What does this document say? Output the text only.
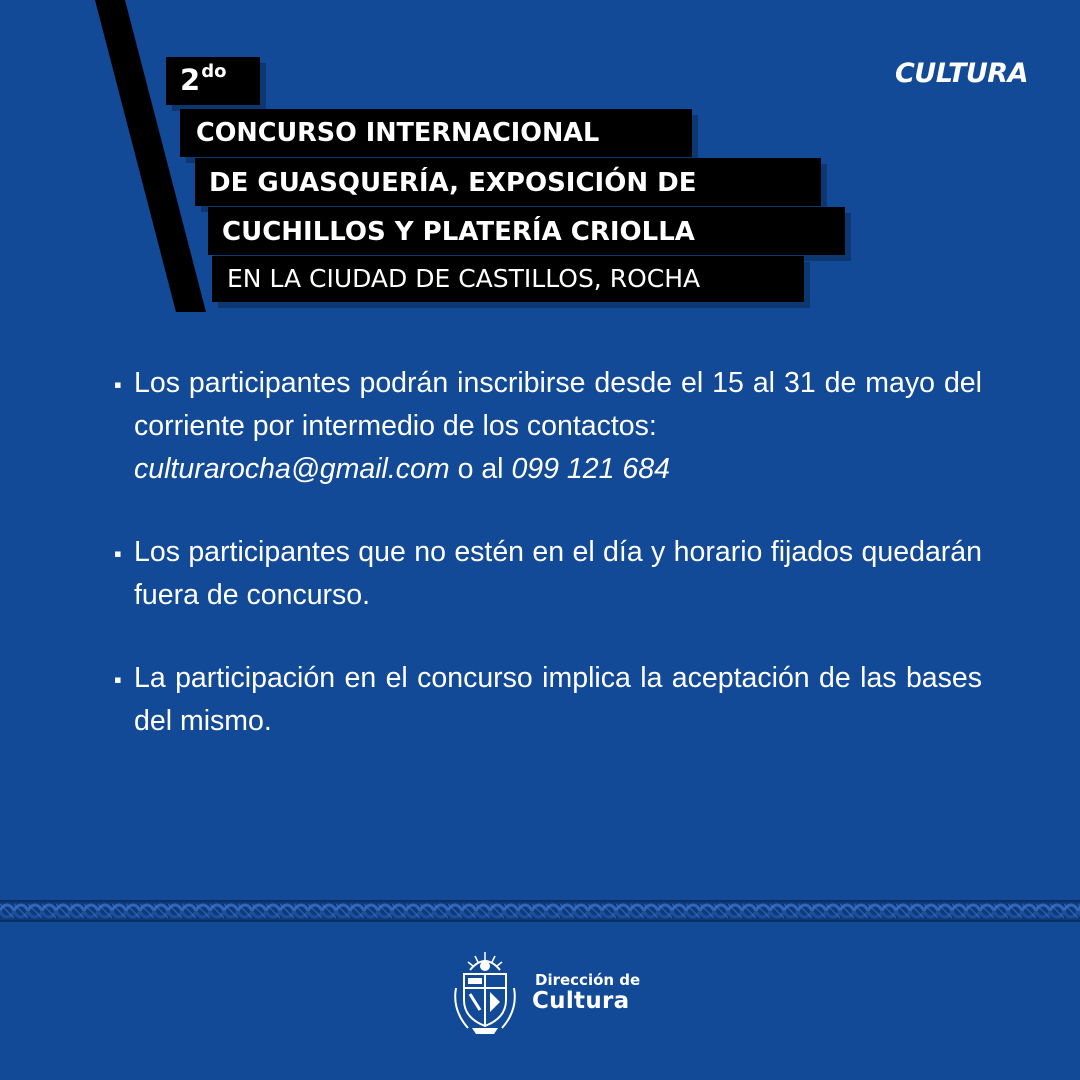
CULTURA
$2^{do}$
CONCURSO INTERNACIONAL
DE GUASQUERÍA, EXPOSICIÓN DE
CUCHILLOS Y PLATERÍA CRIOLLA
EN LA CIUDAD DE CASTILLOS, ROCHA
▪ Los participantes podrán inscribirse desde el 15 al 31 de mayo del corriente por intermedio de los contactos:
culturarocha@gmail.com o al 099 121 684

▪ Los participantes que no estén en el día y horario fijados quedarán fuera de concurso.

▪ La participación en el concurso implica la aceptación de las bases del mismo.

Dirección de
Cultura
